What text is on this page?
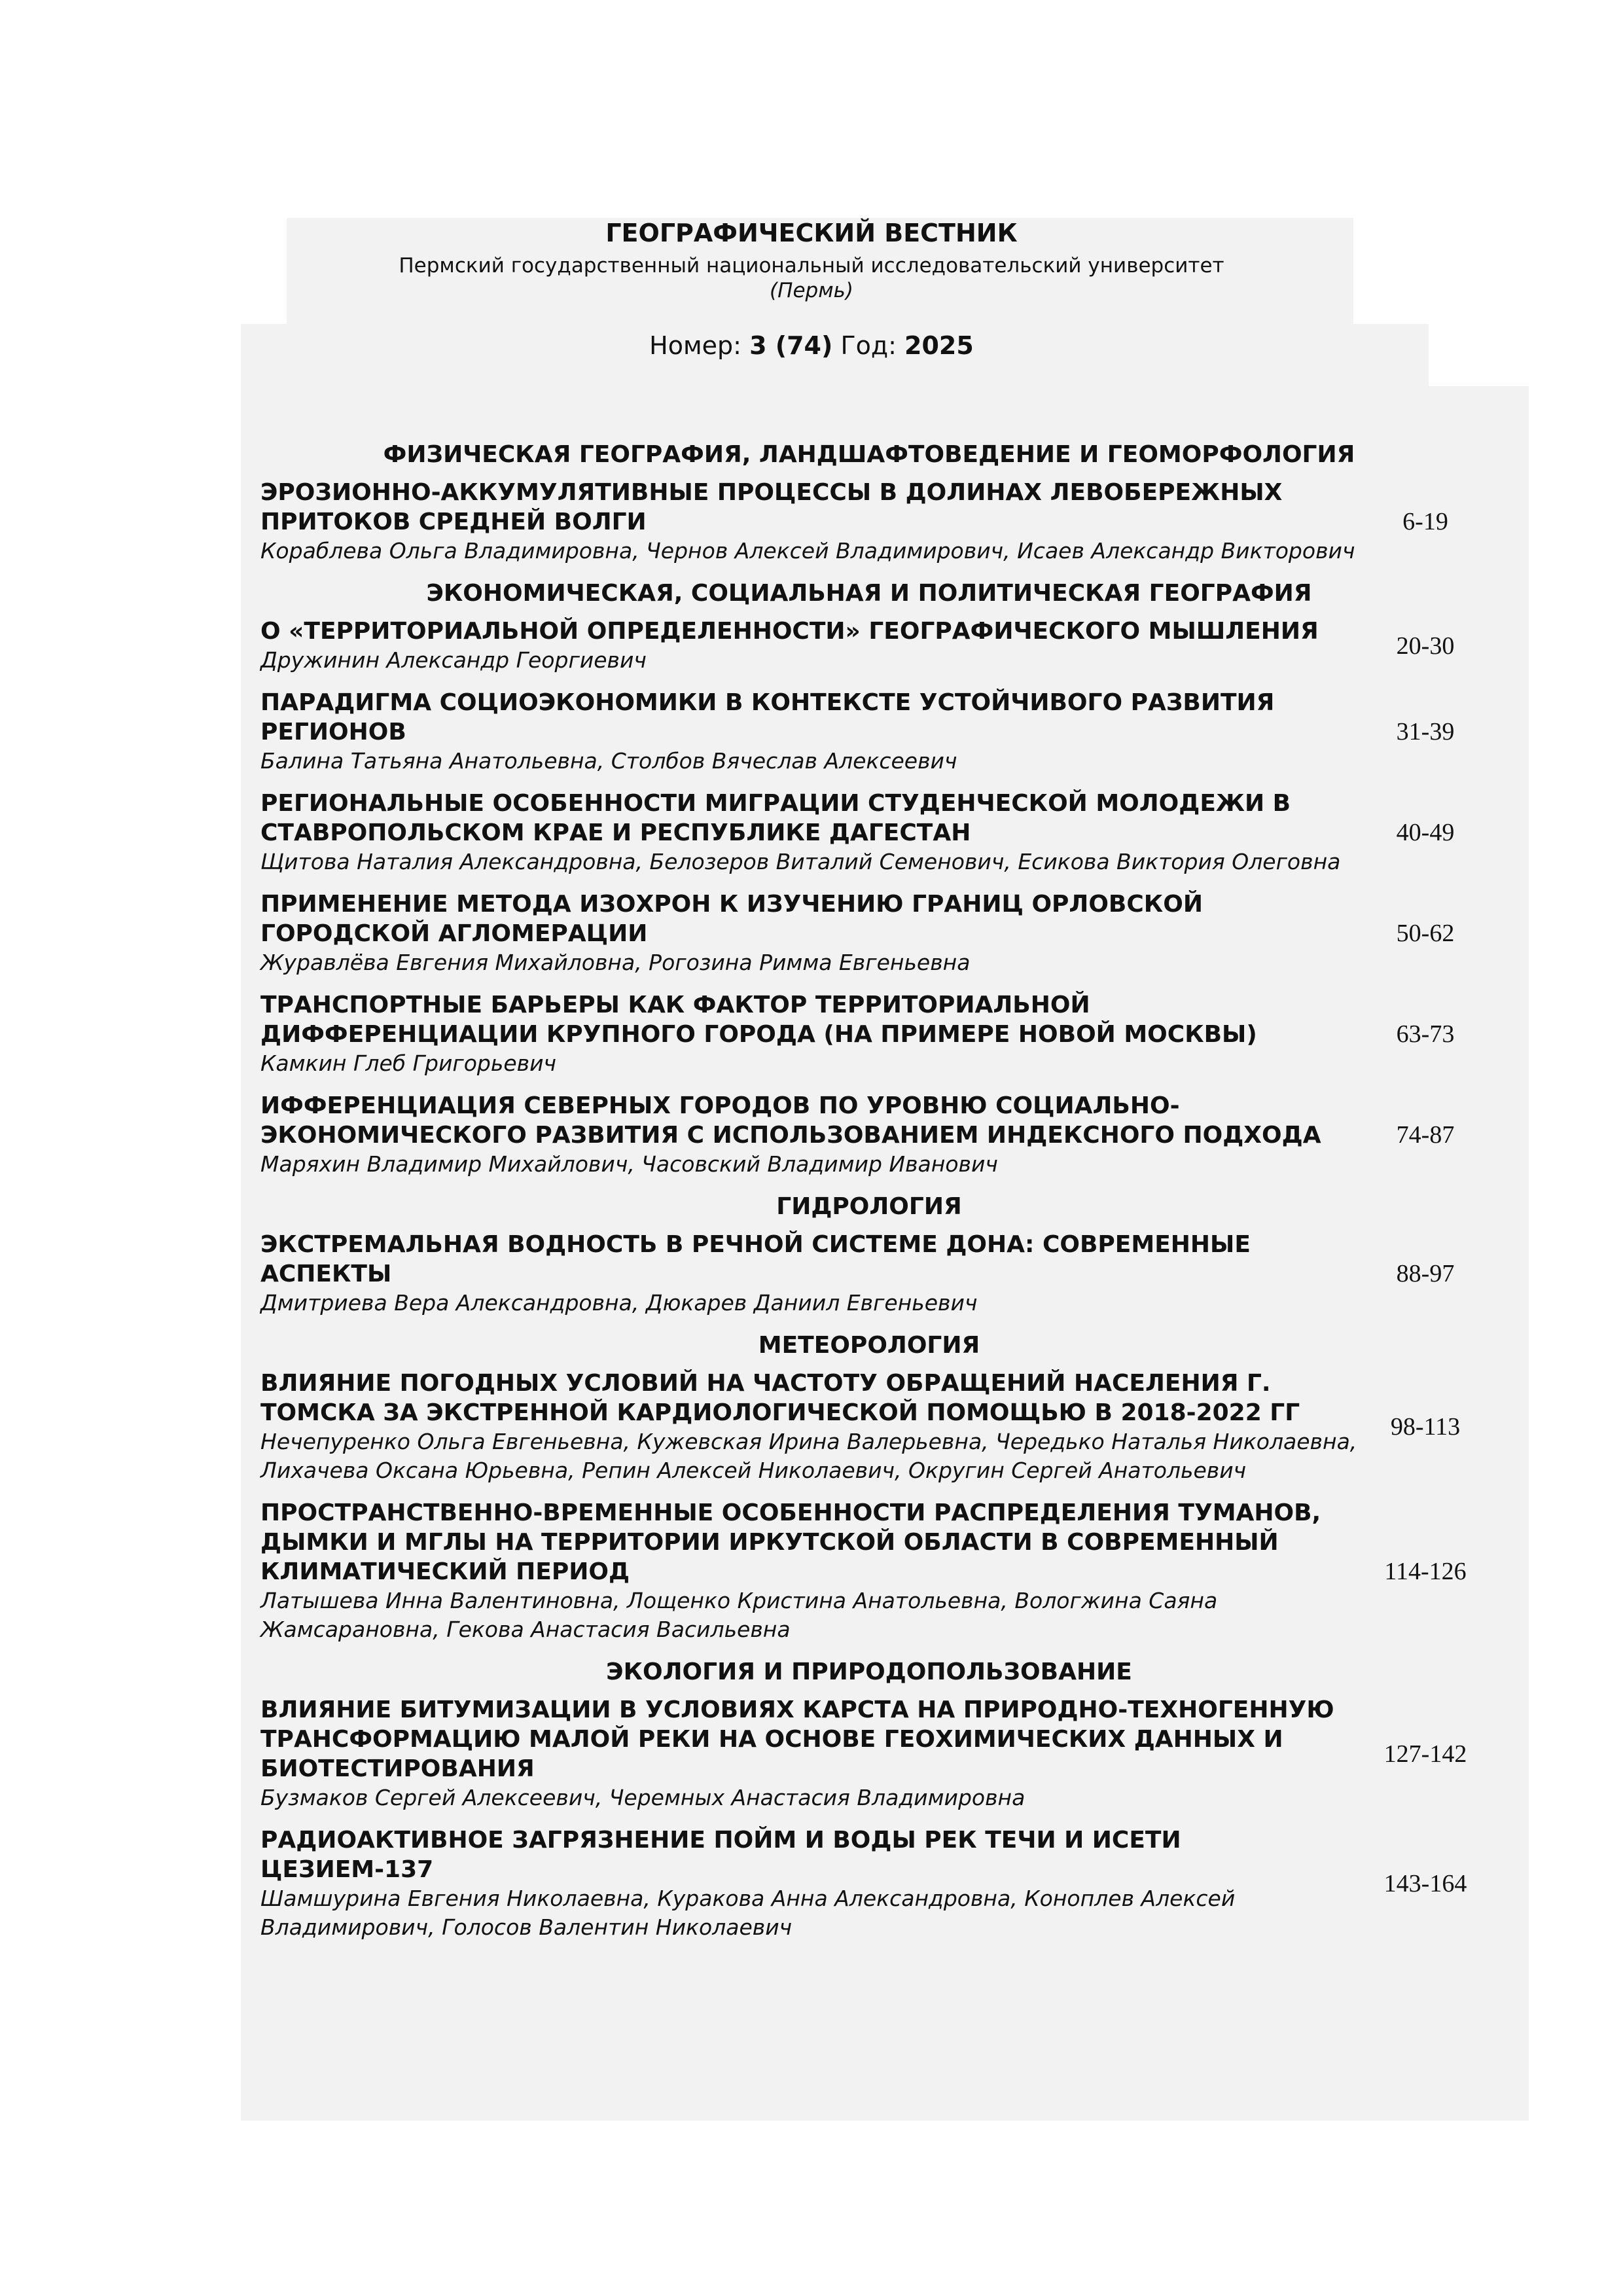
ГЕОГРАФИЧЕСКИЙ ВЕСТНИК
Пермский государственный национальный исследовательский университет
(Пермь)
Номер: 3 (74) Год: 2025
ФИЗИЧЕСКАЯ ГЕОГРАФИЯ, ЛАНДШАФТОВЕДЕНИЕ И ГЕОМОРФОЛОГИЯ
ЭРОЗИОННО-АККУМУЛЯТИВНЫЕ ПРОЦЕССЫ В ДОЛИНАХ ЛЕВОБЕРЕЖНЫХ ПРИТОКОВ СРЕДНЕЙ ВОЛГИ
Кораблева Ольга Владимировна, Чернов Алексей Владимирович, Исаев Александр Викторович
6-19
ЭКОНОМИЧЕСКАЯ, СОЦИАЛЬНАЯ И ПОЛИТИЧЕСКАЯ ГЕОГРАФИЯ
О «ТЕРРИТОРИАЛЬНОЙ ОПРЕДЕЛЕННОСТИ» ГЕОГРАФИЧЕСКОГО МЫШЛЕНИЯ
Дружинин Александр Георгиевич
20-30
ПАРАДИГМА СОЦИОЭКОНОМИКИ В КОНТЕКСТЕ УСТОЙЧИВОГО РАЗВИТИЯ РЕГИОНОВ
Балина Татьяна Анатольевна, Столбов Вячеслав Алексеевич
31-39
РЕГИОНАЛЬНЫЕ ОСОБЕННОСТИ МИГРАЦИИ СТУДЕНЧЕСКОЙ МОЛОДЕЖИ В СТАВРОПОЛЬСКОМ КРАЕ И РЕСПУБЛИКЕ ДАГЕСТАН
Щитова Наталия Александровна, Белозеров Виталий Семенович, Есикова Виктория Олеговна
40-49
ПРИМЕНЕНИЕ МЕТОДА ИЗОХРОН К ИЗУЧЕНИЮ ГРАНИЦ ОРЛОВСКОЙ ГОРОДСКОЙ АГЛОМЕРАЦИИ
Журавлёва Евгения Михайловна, Рогозина Римма Евгеньевна
50-62
ТРАНСПОРТНЫЕ БАРЬЕРЫ КАК ФАКТОР ТЕРРИТОРИАЛЬНОЙ ДИФФЕРЕНЦИАЦИИ КРУПНОГО ГОРОДА (НА ПРИМЕРЕ НОВОЙ МОСКВЫ)
Камкин Глеб Григорьевич
63-73
ИФФЕРЕНЦИАЦИЯ СЕВЕРНЫХ ГОРОДОВ ПО УРОВНЮ СОЦИАЛЬНО-ЭКОНОМИЧЕСКОГО РАЗВИТИЯ С ИСПОЛЬЗОВАНИЕМ ИНДЕКСНОГО ПОДХОДА
Маряхин Владимир Михайлович, Часовский Владимир Иванович
74-87
ГИДРОЛОГИЯ
ЭКСТРЕМАЛЬНАЯ ВОДНОСТЬ В РЕЧНОЙ СИСТЕМЕ ДОНА: СОВРЕМЕННЫЕ АСПЕКТЫ
Дмитриева Вера Александровна, Дюкарев Даниил Евгеньевич
88-97
МЕТЕОРОЛОГИЯ
ВЛИЯНИЕ ПОГОДНЫХ УСЛОВИЙ НА ЧАСТОТУ ОБРАЩЕНИЙ НАСЕЛЕНИЯ Г. ТОМСКА ЗА ЭКСТРЕННОЙ КАРДИОЛОГИЧЕСКОЙ ПОМОЩЬЮ В 2018-2022 ГГ
Нечепуренко Ольга Евгеньевна, Кужевская Ирина Валерьевна, Чередько Наталья Николаевна, Лихачева Оксана Юрьевна, Репин Алексей Николаевич, Округин Сергей Анатольевич
98-113
ПРОСТРАНСТВЕННО-ВРЕМЕННЫЕ ОСОБЕННОСТИ РАСПРЕДЕЛЕНИЯ ТУМАНОВ, ДЫМКИ И МГЛЫ НА ТЕРРИТОРИИ ИРКУТСКОЙ ОБЛАСТИ В СОВРЕМЕННЫЙ КЛИМАТИЧЕСКИЙ ПЕРИОД
Латышева Инна Валентиновна, Лощенко Кристина Анатольевна, Вологжина Саяна Жамсарановна, Гекова Анастасия Васильевна
114-126
ЭКОЛОГИЯ И ПРИРОДОПОЛЬЗОВАНИЕ
ВЛИЯНИЕ БИТУМИЗАЦИИ В УСЛОВИЯХ КАРСТА НА ПРИРОДНО-ТЕХНОГЕННУЮ ТРАНСФОРМАЦИЮ МАЛОЙ РЕКИ НА ОСНОВЕ ГЕОХИМИЧЕСКИХ ДАННЫХ И БИОТЕСТИРОВАНИЯ
Бузмаков Сергей Алексеевич, Черемных Анастасия Владимировна
127-142
РАДИОАКТИВНОЕ ЗАГРЯЗНЕНИЕ ПОЙМ И ВОДЫ РЕК ТЕЧИ И ИСЕТИ ЦЕЗИЕМ-137
Шамшурина Евгения Николаевна, Куракова Анна Александровна, Коноплев Алексей Владимирович, Голосов Валентин Николаевич
143-164
